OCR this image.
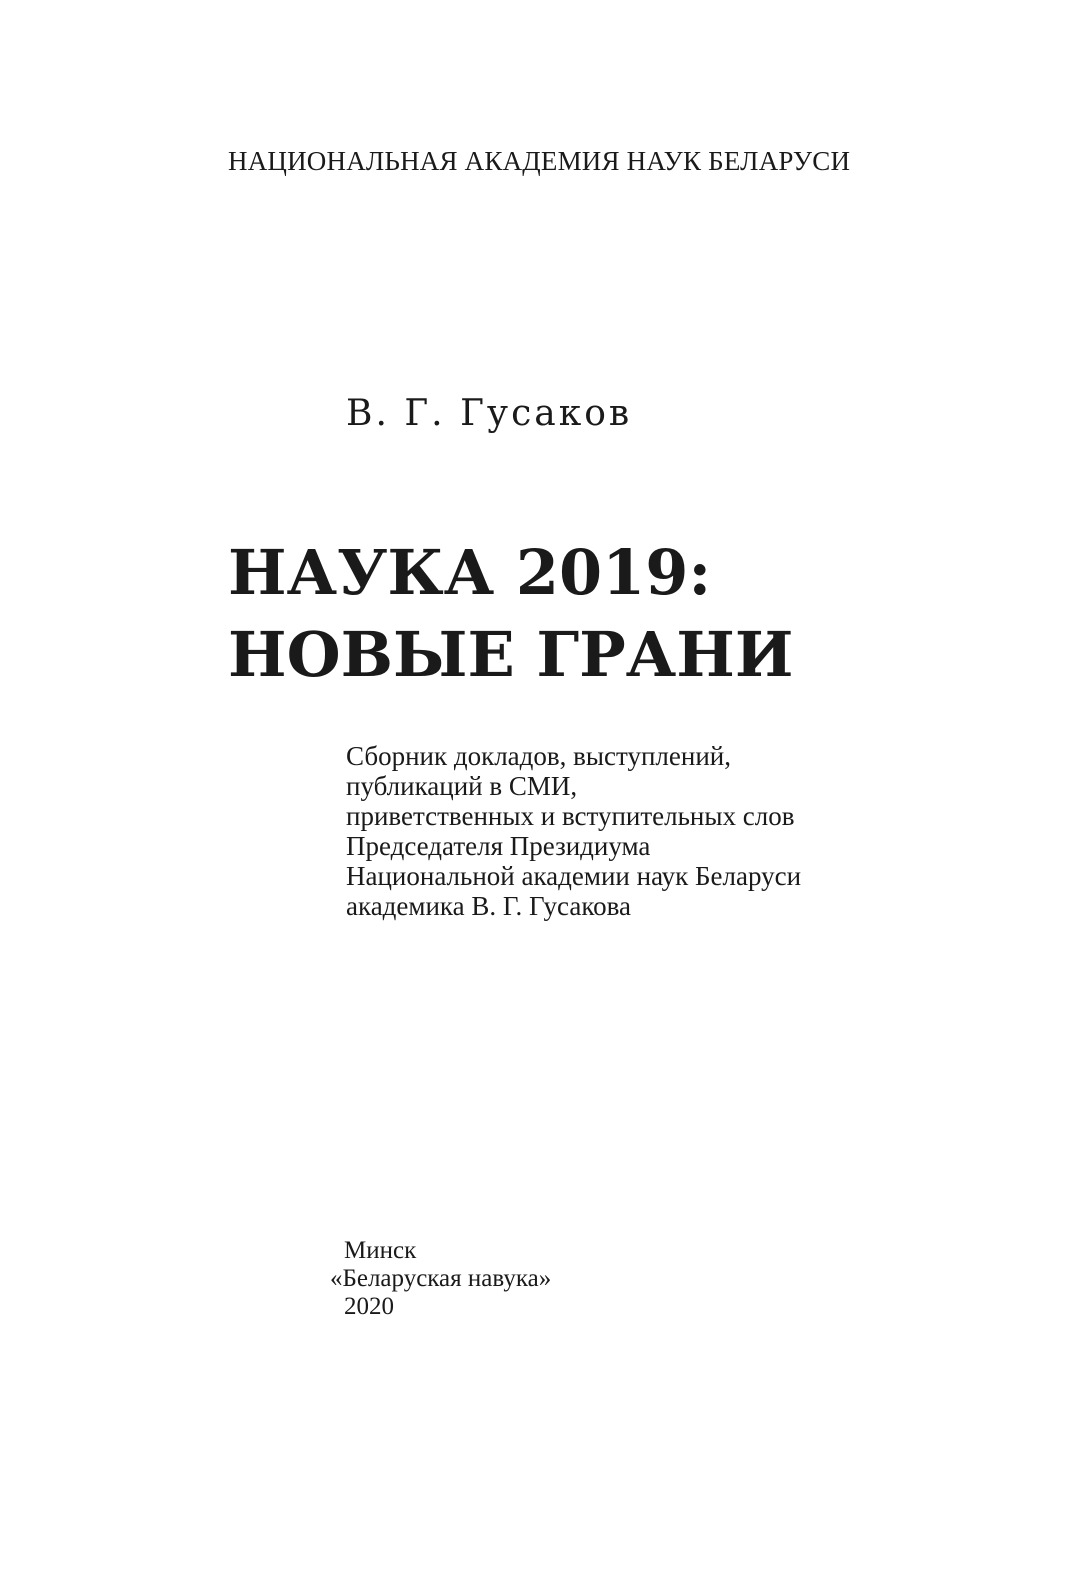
НАЦИОНАЛЬНАЯ АКАДЕМИЯ НАУК БЕЛАРУСИ
В. Г. Гусаков
НАУКА 2019:
НОВЫЕ ГРАНИ
Сборник докладов, выступлений,
публикаций в СМИ,
приветственных и вступительных слов
Председателя Президиума
Национальной академии наук Беларуси
академика В. Г. Гусакова
Минск
«Беларуская навука»
2020
